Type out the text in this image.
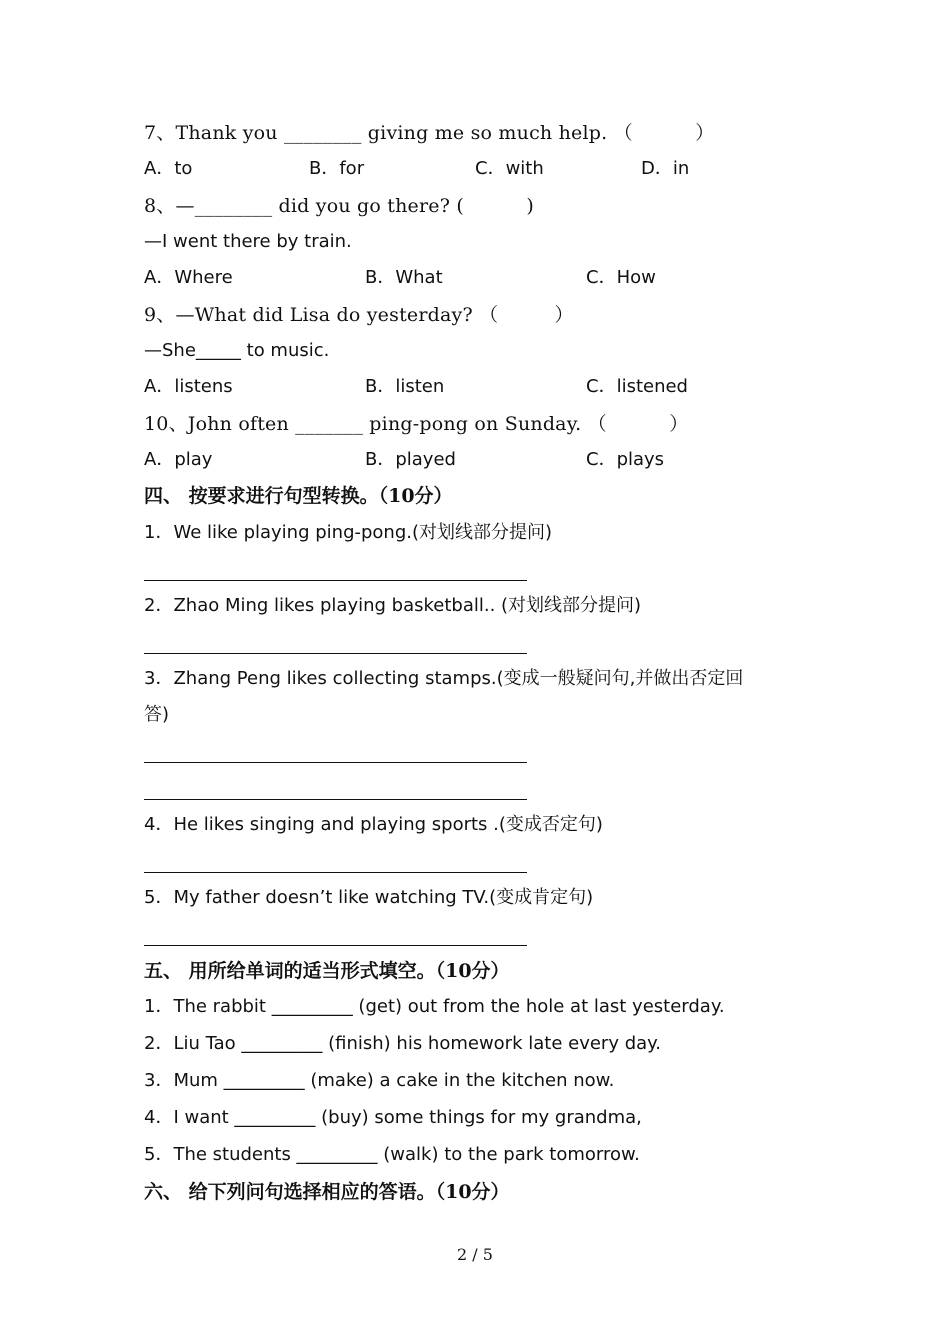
7、Thank you ________ giving me so much help. （          ）
A．to	B．for	C．with	D．in
8、—________ did you go there? (          )
—I went there by train.
A．Where	B．What	C．How
9、—What did Lisa do yesterday? （         ）
—She_____ to music.
A．listens	B．listen	C．listened
10、John often _______ ping-pong on Sunday. （          ）
A．play	B．played	C．plays
四、 按要求进行句型转换。（10分）
1．We like playing ping-pong.(对划线部分提问)
2．Zhao Ming likes playing basketball.. (对划线部分提问)
3．Zhang Peng likes collecting stamps.(变成一般疑问句,并做出否定回
答)
4．He likes singing and playing sports .(变成否定句)
5．My father doesn’t like watching TV.(变成肯定句)
五、 用所给单词的适当形式填空。（10分）
1．The rabbit _________ (get) out from the hole at last yesterday.
2．Liu Tao _________ (finish) his homework late every day.
3．Mum _________ (make) a cake in the kitchen now.
4．I want _________ (buy) some things for my grandma,
5．The students _________ (walk) to the park tomorrow.
六、 给下列问句选择相应的答语。（10分）
2 / 5
